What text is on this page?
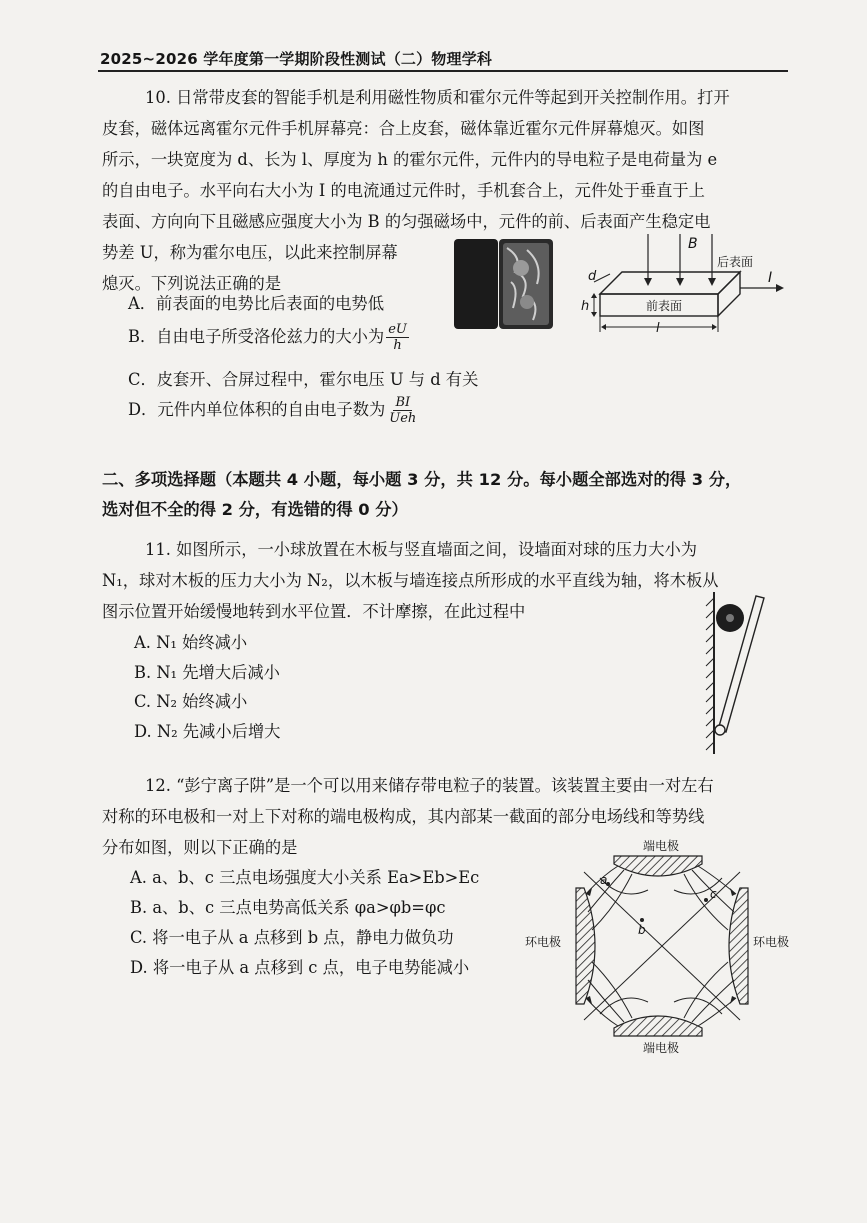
2025~2026 学年度第一学期阶段性测试（二）物理学科
10. 日常带皮套的智能手机是利用磁性物质和霍尔元件等起到开关控制作用。打开
皮套，磁体远离霍尔元件手机屏幕亮：合上皮套，磁体靠近霍尔元件屏幕熄灭。如图
所示，一块宽度为 d、长为 l、厚度为 h 的霍尔元件，元件内的导电粒子是电荷量为 e
的自由电子。水平向右大小为 I 的电流通过元件时，手机套合上，元件处于垂直于上
表面、方向向下且磁感应强度大小为 B 的匀强磁场中，元件的前、后表面产生稳定电
势差 U，称为霍尔电压，以此来控制屏幕
熄灭。下列说法正确的是
A．前表面的电势比后表面的电势低
B．自由电子所受洛伦兹力的大小为 $\frac{eU}{h}$
C．皮套开、合屏过程中，霍尔电压 U 与 d 有关
D．元件内单位体积的自由电子数为 $\frac{BI}{\text{Ueh}}$
B
后表面
前表面
I
d
h
l
二、多项选择题（本题共 4 小题，每小题 3 分，共 12 分。每小题全部选对的得 3 分，
选对但不全的得 2 分，有选错的得 0 分）
11. 如图所示，一小球放置在木板与竖直墙面之间，设墙面对球的压力大小为
N₁，球对木板的压力大小为 N₂，以木板与墙连接点所形成的水平直线为轴，将木板从
图示位置开始缓慢地转到水平位置．不计摩擦，在此过程中
A. N₁ 始终减小
B. N₁ 先增大后减小
C. N₂ 始终减小
D. N₂ 先减小后增大
12. “彭宁离子阱”是一个可以用来储存带电粒子的装置。该装置主要由一对左右
对称的环电极和一对上下对称的端电极构成，其内部某一截面的部分电场线和等势线
分布如图，则以下正确的是
A. a、b、c 三点电场强度大小关系 Ea>Eb>Ec
B. a、b、c 三点电势高低关系 φa>φb=φc
C. 将一电子从 a 点移到 b 点，静电力做负功
D. 将一电子从 a 点移到 c 点，电子电势能减小
端电极
端电极
环电极	环电极
a
b
c
